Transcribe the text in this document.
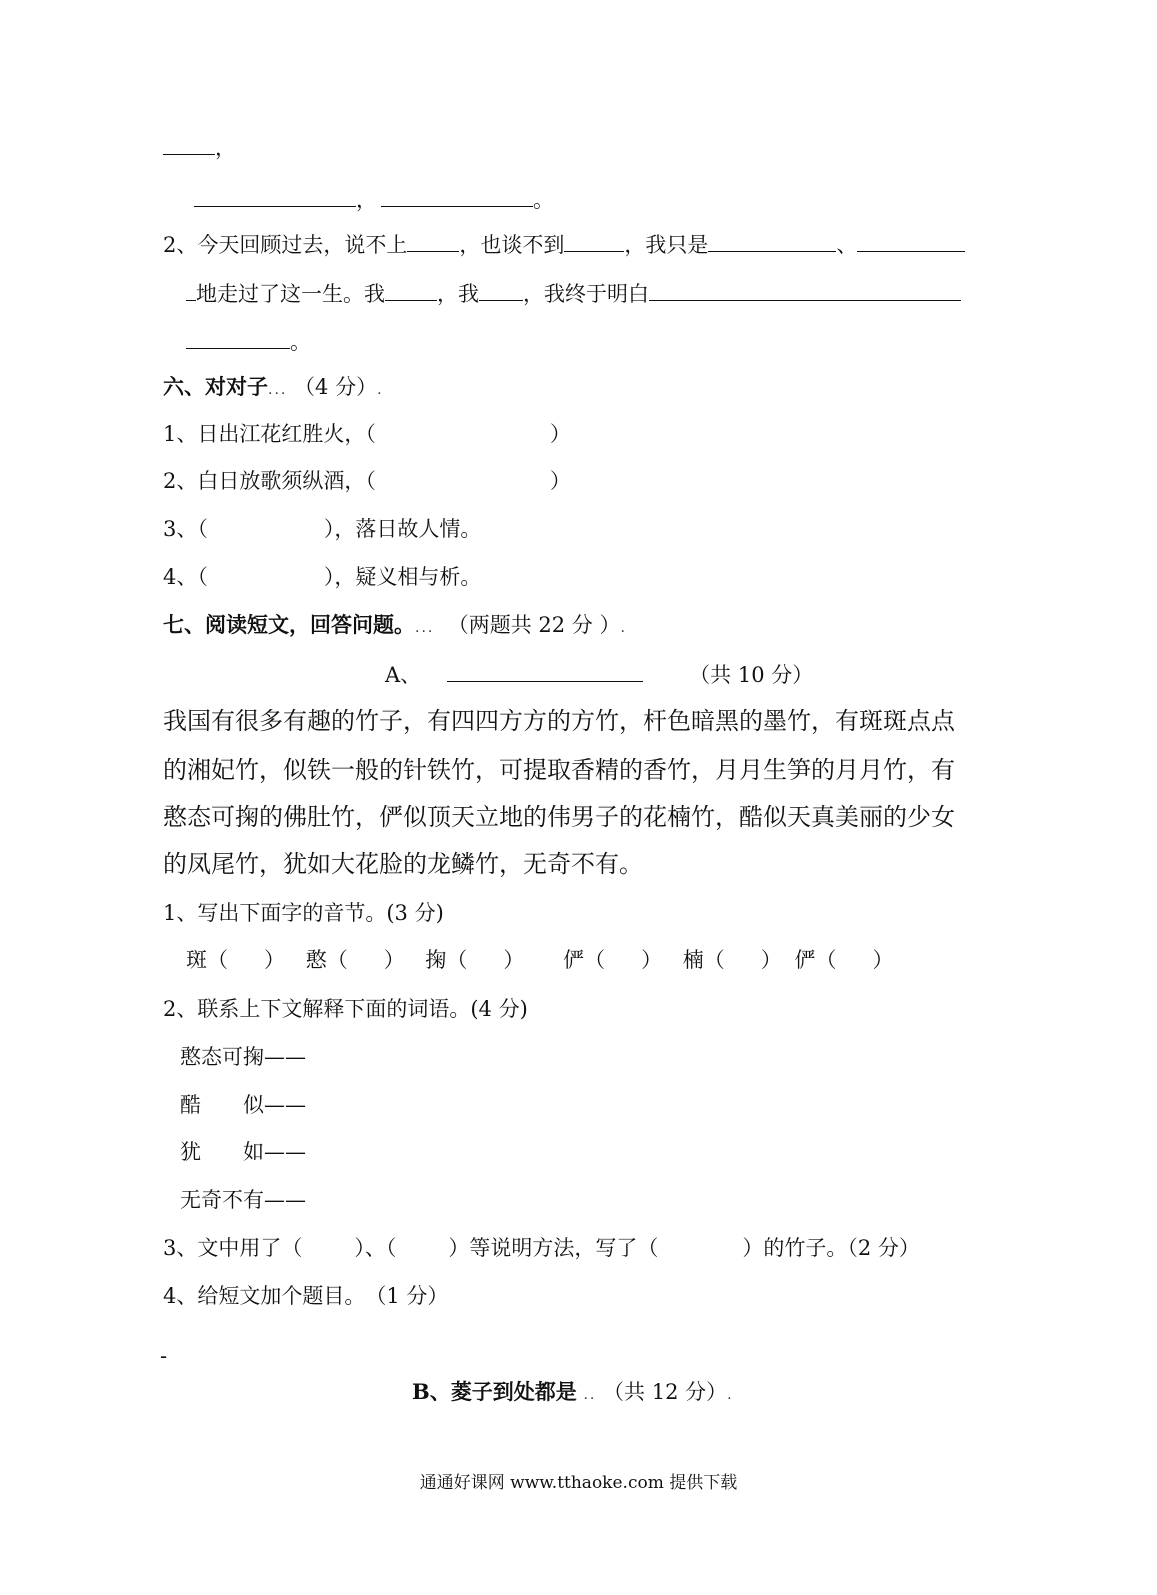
，
，	。
2、今天回顾过去，说不上 ，也谈不到	，我只是	、
地走过了这一生。我 ，我 ，我终于明白
。
六、对对子... （4 分）.
1、日出江花红胜火，（	）
2、白日放歌须纵酒，（	）
3、（	），落日故人情。
4、（	），疑义相与析。
七、阅读短文，回答问题。... （两题共 22 分 ）.
A、	（共 10 分）
我国有很多有趣的竹子，有四四方方的方竹，杆色暗黑的墨竹，有斑斑点点
的湘妃竹，似铁一般的针铁竹，可提取香精的香竹，月月生笋的月月竹，有
憨态可掬的佛肚竹，俨似顶天立地的伟男子的花楠竹，酷似天真美丽的少女
的凤尾竹，犹如大花脸的龙鳞竹，无奇不有。
1、写出下面字的音节。(3 分)
斑（ ） 憨（ ） 掬（ ） 俨（ ） 楠（ ） 俨（ ）
2、联系上下文解释下面的词语。(4 分)
憨态可掬——
酷　　似——
犹　　如——
无奇不有——
3、文中用了（ ）、（ ）等说明方法，写了（	）的竹子。（2 分）
4、给短文加个题目。　（1 分）
-
B、菱子到处都是 .. （共 12 分）.
通通好课网 www.tthaoke.com 提供下载
